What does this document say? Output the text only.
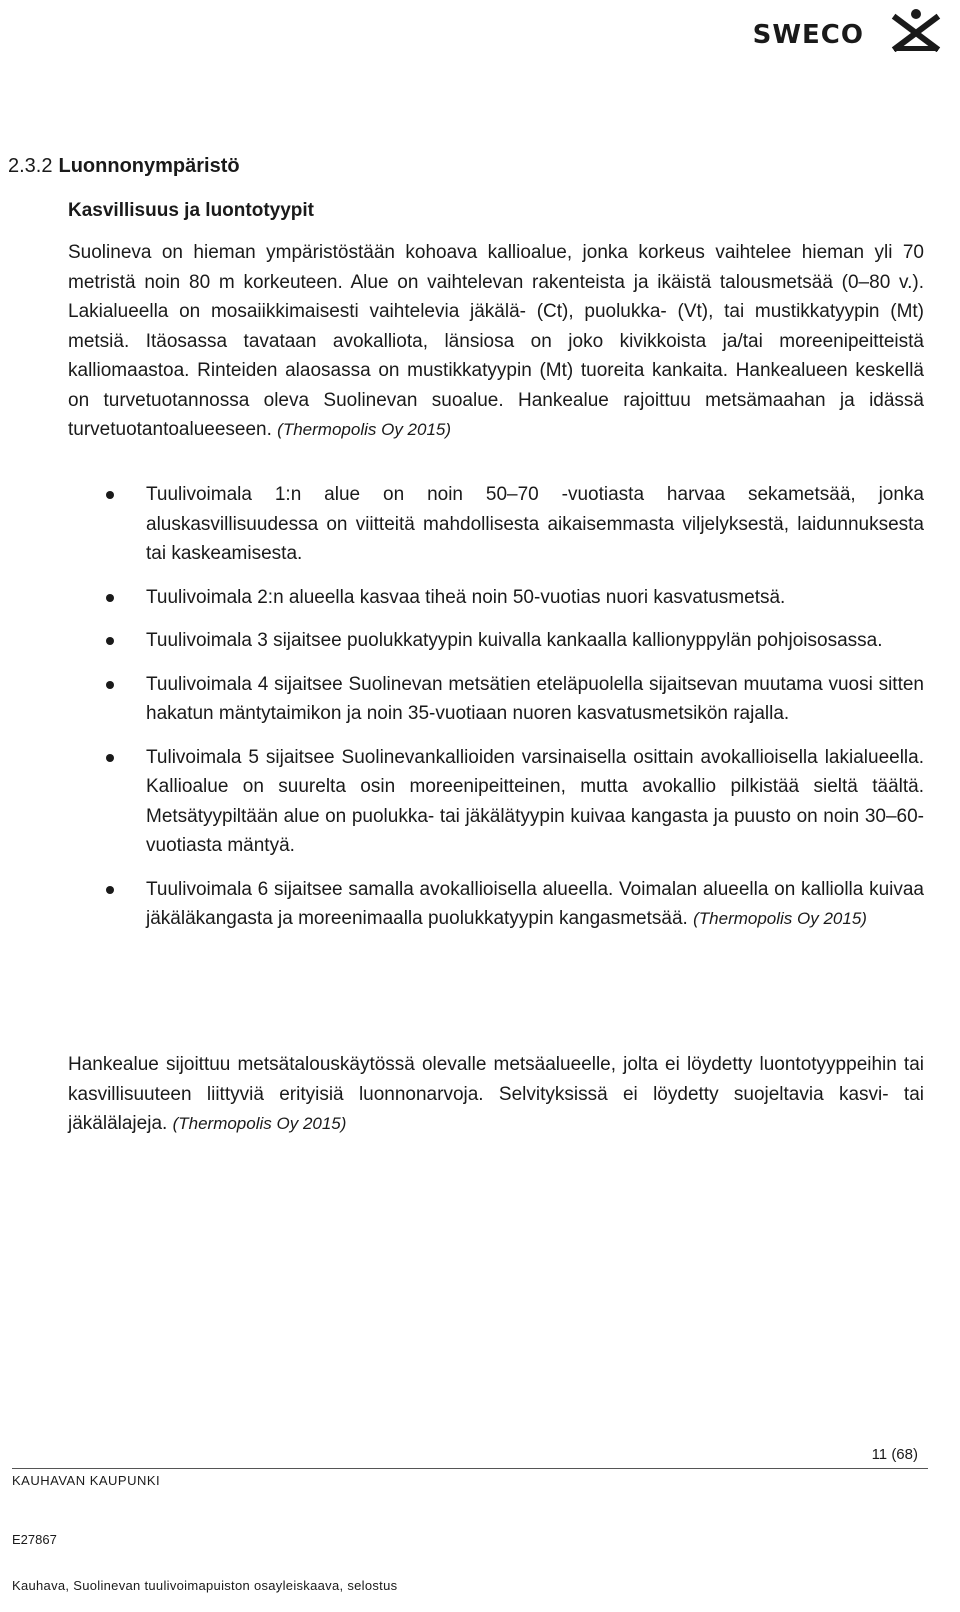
SWECO
2.3.2 Luonnonympäristö
Kasvillisuus ja luontotyypit
Suolineva on hieman ympäristöstään kohoava kallioalue, jonka korkeus vaihtelee hieman yli 70 metristä noin 80 m korkeuteen. Alue on vaihtelevan rakenteista ja ikäistä talousmetsää (0–80 v.). Lakialueella on mosaiikkimaisesti vaihtelevia jäkälä- (Ct), puolukka- (Vt), tai mustikkatyypin (Mt) metsiä. Itäosassa tavataan avokalliota, länsiosa on joko kivikkoista ja/tai moreenipeitteistä kalliomaastoa. Rinteiden alaosassa on mustikkatyypin (Mt) tuoreita kankaita. Hankealueen keskellä on turvetuotannossa oleva Suolinevan suoalue. Hankealue rajoittuu metsämaahan ja idässä turvetuotantoalueeseen. (Thermopolis Oy 2015)
Tuulivoimala 1:n alue on noin 50–70 -vuotiasta harvaa sekametsää, jonka aluskasvillisuudessa on viitteitä mahdollisesta aikaisemmasta viljelyksestä, laidunnuksesta tai kaskeamisesta.
Tuulivoimala 2:n alueella kasvaa tiheä noin 50-vuotias nuori kasvatusmetsä.
Tuulivoimala 3 sijaitsee puolukkatyypin kuivalla kankaalla kallionyppylän pohjoisosassa.
Tuulivoimala 4 sijaitsee Suolinevan metsätien eteläpuolella sijaitsevan muutama vuosi sitten hakatun mäntytaimikon ja noin 35-vuotiaan nuoren kasvatusmetsikön rajalla.
Tulivoimala 5 sijaitsee Suolinevankallioiden varsinaisella osittain avokallioisella lakialueella. Kallioalue on suurelta osin moreenipeitteinen, mutta avokallio pilkistää sieltä täältä. Metsätyypiltään alue on puolukka- tai jäkälätyypin kuivaa kangasta ja puusto on noin 30–60-vuotiasta mäntyä.
Tuulivoimala 6 sijaitsee samalla avokallioisella alueella. Voimalan alueella on kalliolla kuivaa jäkäläkangasta ja moreenimaalla puolukkatyypin kangasmetsää. (Thermopolis Oy 2015)
Hankealue sijoittuu metsätalouskäytössä olevalle metsäalueelle, jolta ei löydetty luontotyyppeihin tai kasvillisuuteen liittyviä erityisiä luonnonarvoja. Selvityksissä ei löydetty suojeltavia kasvi- tai jäkälälajeja. (Thermopolis Oy 2015)
11 (68)
KAUHAVAN KAUPUNKI
E27867
Kauhava, Suolinevan tuulivoimapuiston osayleiskaava, selostus
